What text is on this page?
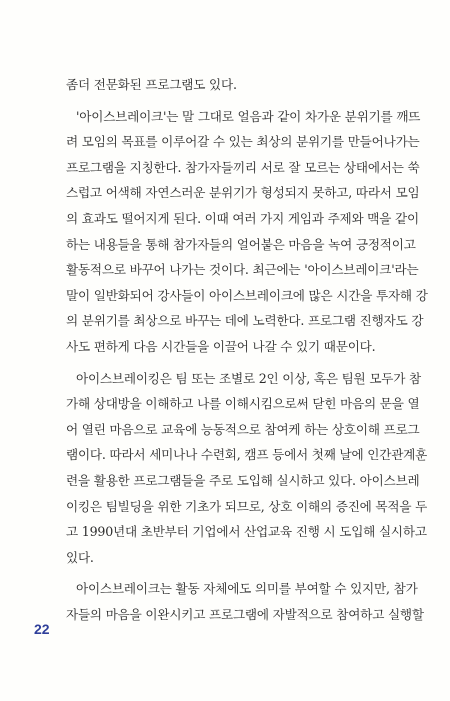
좀더 전문화된 프로그램도 있다.
'아이스브레이크'는 말 그대로 얼음과 같이 차가운 분위기를 깨뜨
려 모임의 목표를 이루어갈 수 있는 최상의 분위기를 만들어나가는
프로그램을 지칭한다. 참가자들끼리 서로 잘 모르는 상태에서는 쑥
스럽고 어색해 자연스러운 분위기가 형성되지 못하고, 따라서 모임
의 효과도 떨어지게 된다. 이때 여러 가지 게임과 주제와 맥을 같이
하는 내용들을 통해 참가자들의 얼어붙은 마음을 녹여 긍정적이고
활동적으로 바꾸어 나가는 것이다. 최근에는 '아이스브레이크'라는
말이 일반화되어 강사들이 아이스브레이크에 많은 시간을 투자해 강
의 분위기를 최상으로 바꾸는 데에 노력한다. 프로그램 진행자도 강
사도 편하게 다음 시간들을 이끌어 나갈 수 있기 때문이다.
아이스브레이킹은 팀 또는 조별로 2인 이상, 혹은 팀원 모두가 참
가해 상대방을 이해하고 나를 이해시킴으로써 닫힌 마음의 문을 열
어 열린 마음으로 교육에 능동적으로 참여케 하는 상호이해 프로그
램이다. 따라서 세미나나 수련회, 캠프 등에서 첫째 날에 인간관계훈
련을 활용한 프로그램들을 주로 도입해 실시하고 있다. 아이스브레
이킹은 팀빌딩을 위한 기초가 되므로, 상호 이해의 증진에 목적을 두
고 1990년대 초반부터 기업에서 산업교육 진행 시 도입해 실시하고
있다.
아이스브레이크는 활동 자체에도 의미를 부여할 수 있지만, 참가
자들의 마음을 이완시키고 프로그램에 자발적으로 참여하고 실행할
22
